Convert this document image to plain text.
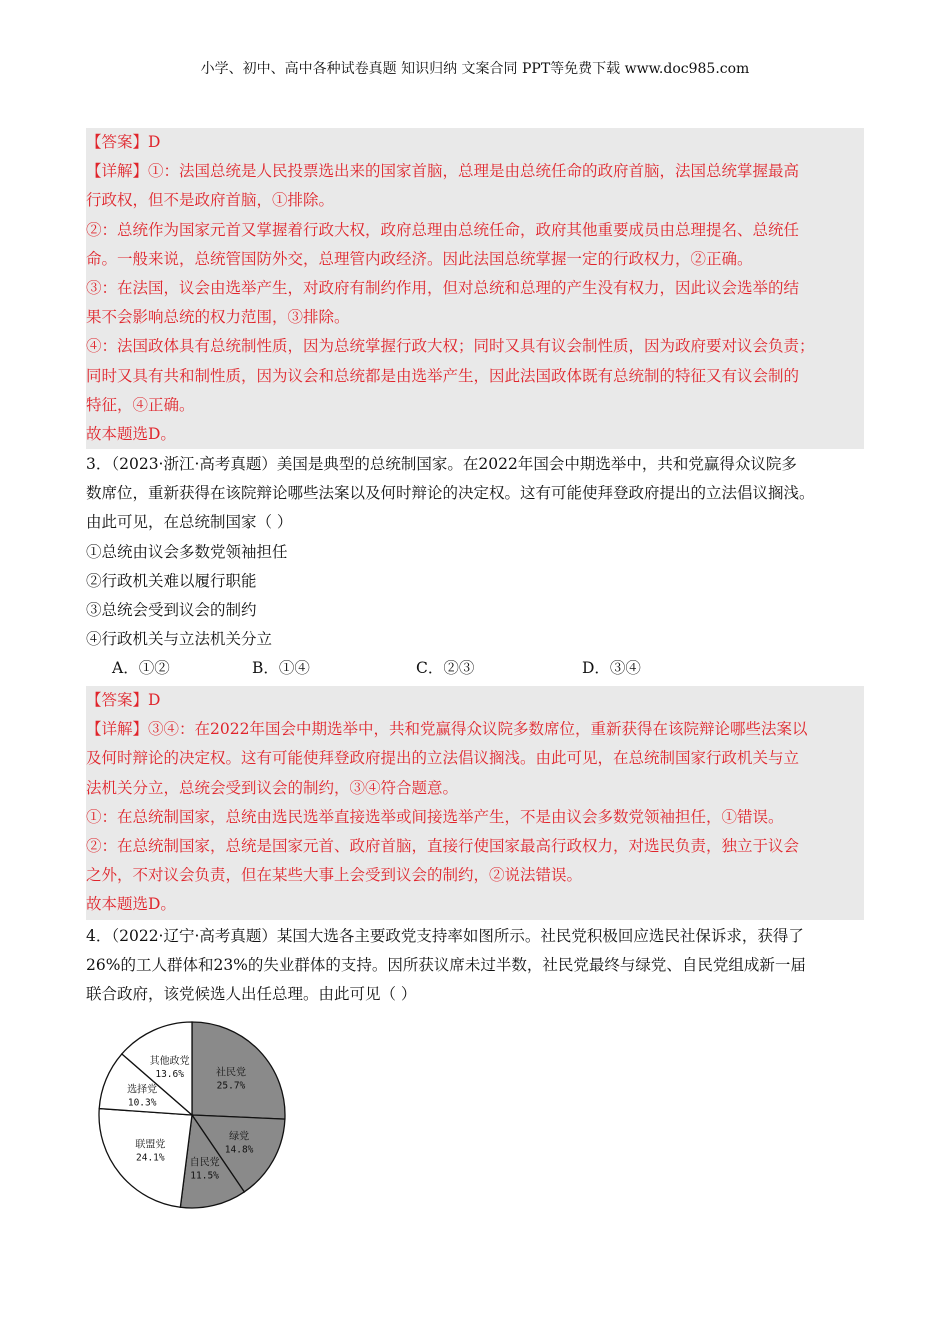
小学、初中、高中各种试卷真题 知识归纳 文案合同 PPT等免费下载 www.doc985.com
【答案】D
【详解】①：法国总统是人民投票选出来的国家首脑，总理是由总统任命的政府首脑，法国总统掌握最高
行政权，但不是政府首脑，①排除。
②：总统作为国家元首又掌握着行政大权，政府总理由总统任命，政府其他重要成员由总理提名、总统任
命。一般来说，总统管国防外交，总理管内政经济。因此法国总统掌握一定的行政权力，②正确。
③：在法国，议会由选举产生，对政府有制约作用，但对总统和总理的产生没有权力，因此议会选举的结
果不会影响总统的权力范围，③排除。
④：法国政体具有总统制性质，因为总统掌握行政大权；同时又具有议会制性质，因为政府要对议会负责；
同时又具有共和制性质，因为议会和总统都是由选举产生，因此法国政体既有总统制的特征又有议会制的
特征，④正确。
故本题选D。
3．（2023·浙江·高考真题）美国是典型的总统制国家。在2022年国会中期选举中，共和党赢得众议院多
数席位，重新获得在该院辩论哪些法案以及何时辩论的决定权。这有可能使拜登政府提出的立法倡议搁浅。
由此可见，在总统制国家（ ）
①总统由议会多数党领袖担任
②行政机关难以履行职能
③总统会受到议会的制约
④行政机关与立法机关分立
A．①②	B．①④	C．②③	D．③④
【答案】D
【详解】③④：在2022年国会中期选举中，共和党赢得众议院多数席位，重新获得在该院辩论哪些法案以
及何时辩论的决定权。这有可能使拜登政府提出的立法倡议搁浅。由此可见，在总统制国家行政机关与立
法机关分立，总统会受到议会的制约，③④符合题意。
①：在总统制国家，总统由选民选举直接选举或间接选举产生，不是由议会多数党领袖担任，①错误。
②：在总统制国家，总统是国家元首、政府首脑，直接行使国家最高行政权力，对选民负责，独立于议会
之外，不对议会负责，但在某些大事上会受到议会的制约，②说法错误。
故本题选D。
4．（2022·辽宁·高考真题）某国大选各主要政党支持率如图所示。社民党积极回应选民社保诉求，获得了
26%的工人群体和23%的失业群体的支持。因所获议席未过半数，社民党最终与绿党、自民党组成新一届
联合政府，该党候选人出任总理。由此可见（ ）
社民党
25.7%
绿党
14.8%
自民党
11.5%
联盟党
24.1%
选择党
10.3%
其他政党
13.6%
